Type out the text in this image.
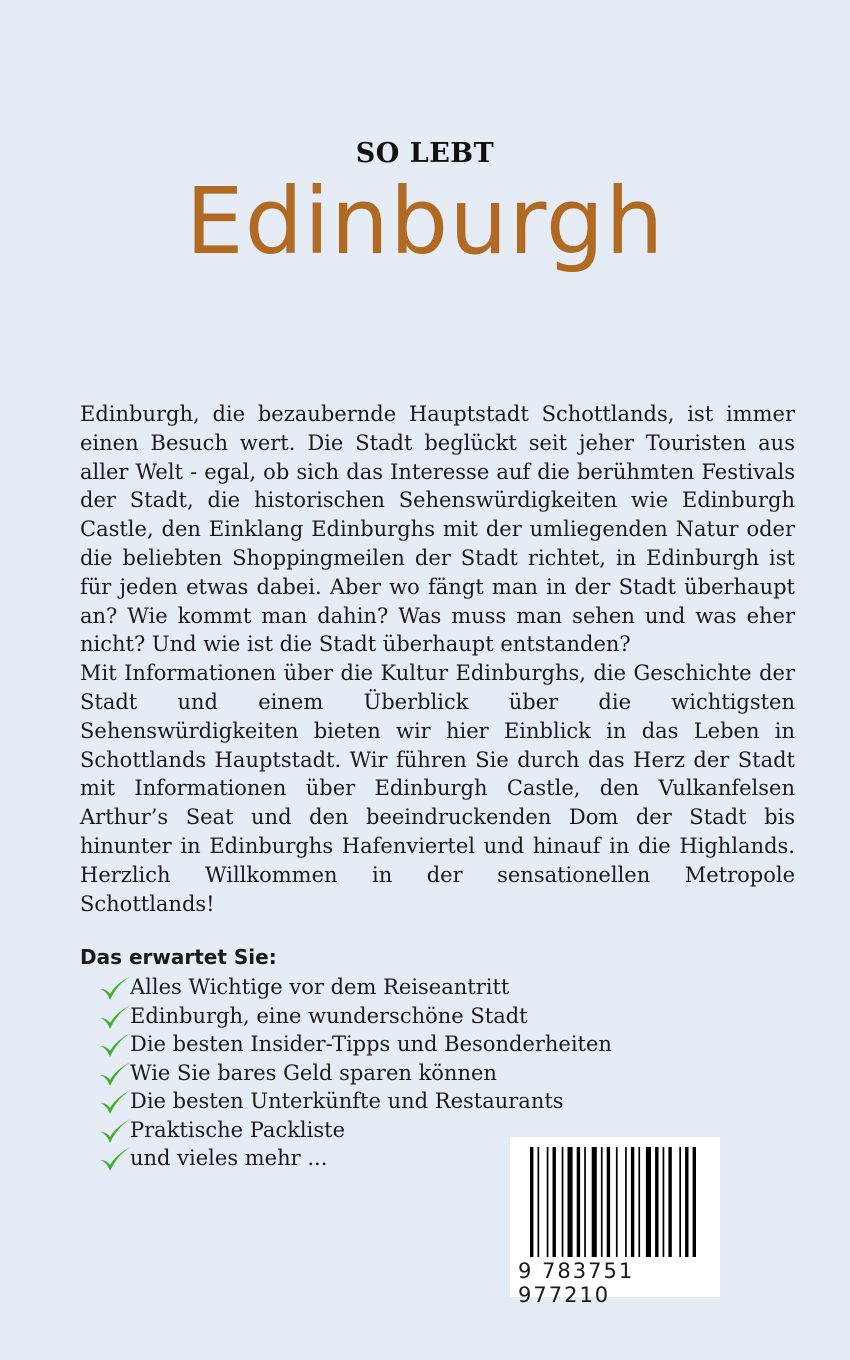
SO LEBT
Edinburgh

Edinburgh, die bezaubernde Hauptstadt Schottlands, ist immer einen Besuch wert. Die Stadt beglückt seit jeher Touristen aus aller Welt - egal, ob sich das Interesse auf die berühmten Festivals der Stadt, die historischen Sehenswürdigkeiten wie Edinburgh Castle, den Einklang Edinburghs mit der umliegenden Natur oder die beliebten Shoppingmeilen der Stadt richtet, in Edinburgh ist für jeden etwas dabei. Aber wo fängt man in der Stadt überhaupt an? Wie kommt man dahin? Was muss man sehen und was eher nicht? Und wie ist die Stadt überhaupt entstanden?

Mit Informationen über die Kultur Edinburghs, die Geschichte der Stadt und einem Überblick über die wichtigsten Sehenswürdigkeiten bieten wir hier Einblick in das Leben in Schottlands Hauptstadt. Wir führen Sie durch das Herz der Stadt mit Informationen über Edinburgh Castle, den Vulkanfelsen Arthur’s Seat und den beeindruckenden Dom der Stadt bis hinunter in Edinburghs Hafenviertel und hinauf in die Highlands. Herzlich Willkommen in der sensationellen Metropole Schottlands!

Das erwartet Sie:
Alles Wichtige vor dem Reiseantritt
Edinburgh, eine wunderschöne Stadt
Die besten Insider-Tipps und Besonderheiten
Wie Sie bares Geld sparen können
Die besten Unterkünfte und Restaurants
Praktische Packliste
und vieles mehr ...
9 783751 977210
